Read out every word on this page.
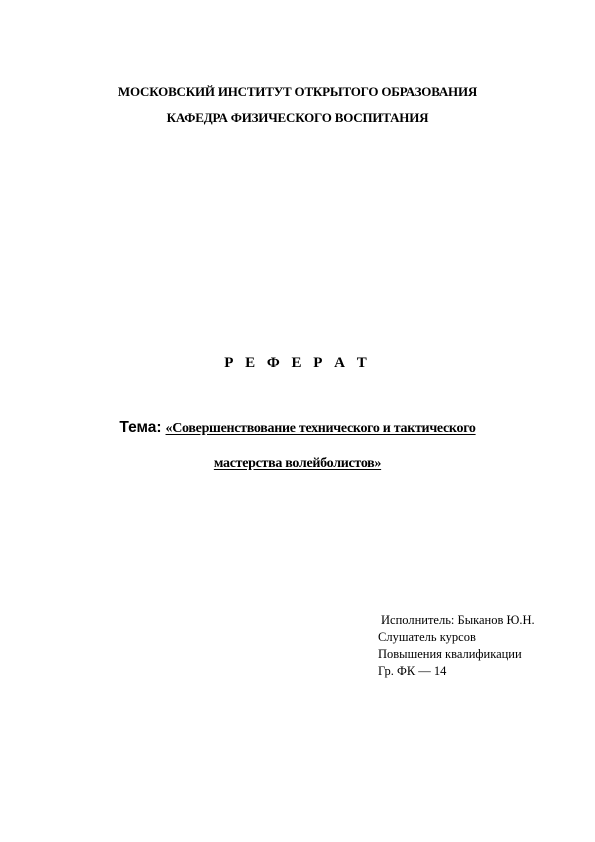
МОСКОВСКИЙ ИНСТИТУТ ОТКРЫТОГО ОБРАЗОВАНИЯ
КАФЕДРА ФИЗИЧЕСКОГО ВОСПИТАНИЯ
Р Е Ф Е Р А Т
Тема: «Совершенствование технического и тактического
мастерства волейболистов»
Исполнитель: Быканов Ю.Н.
Слушатель курсов
Повышения квалификации
Гр. ФК — 14
